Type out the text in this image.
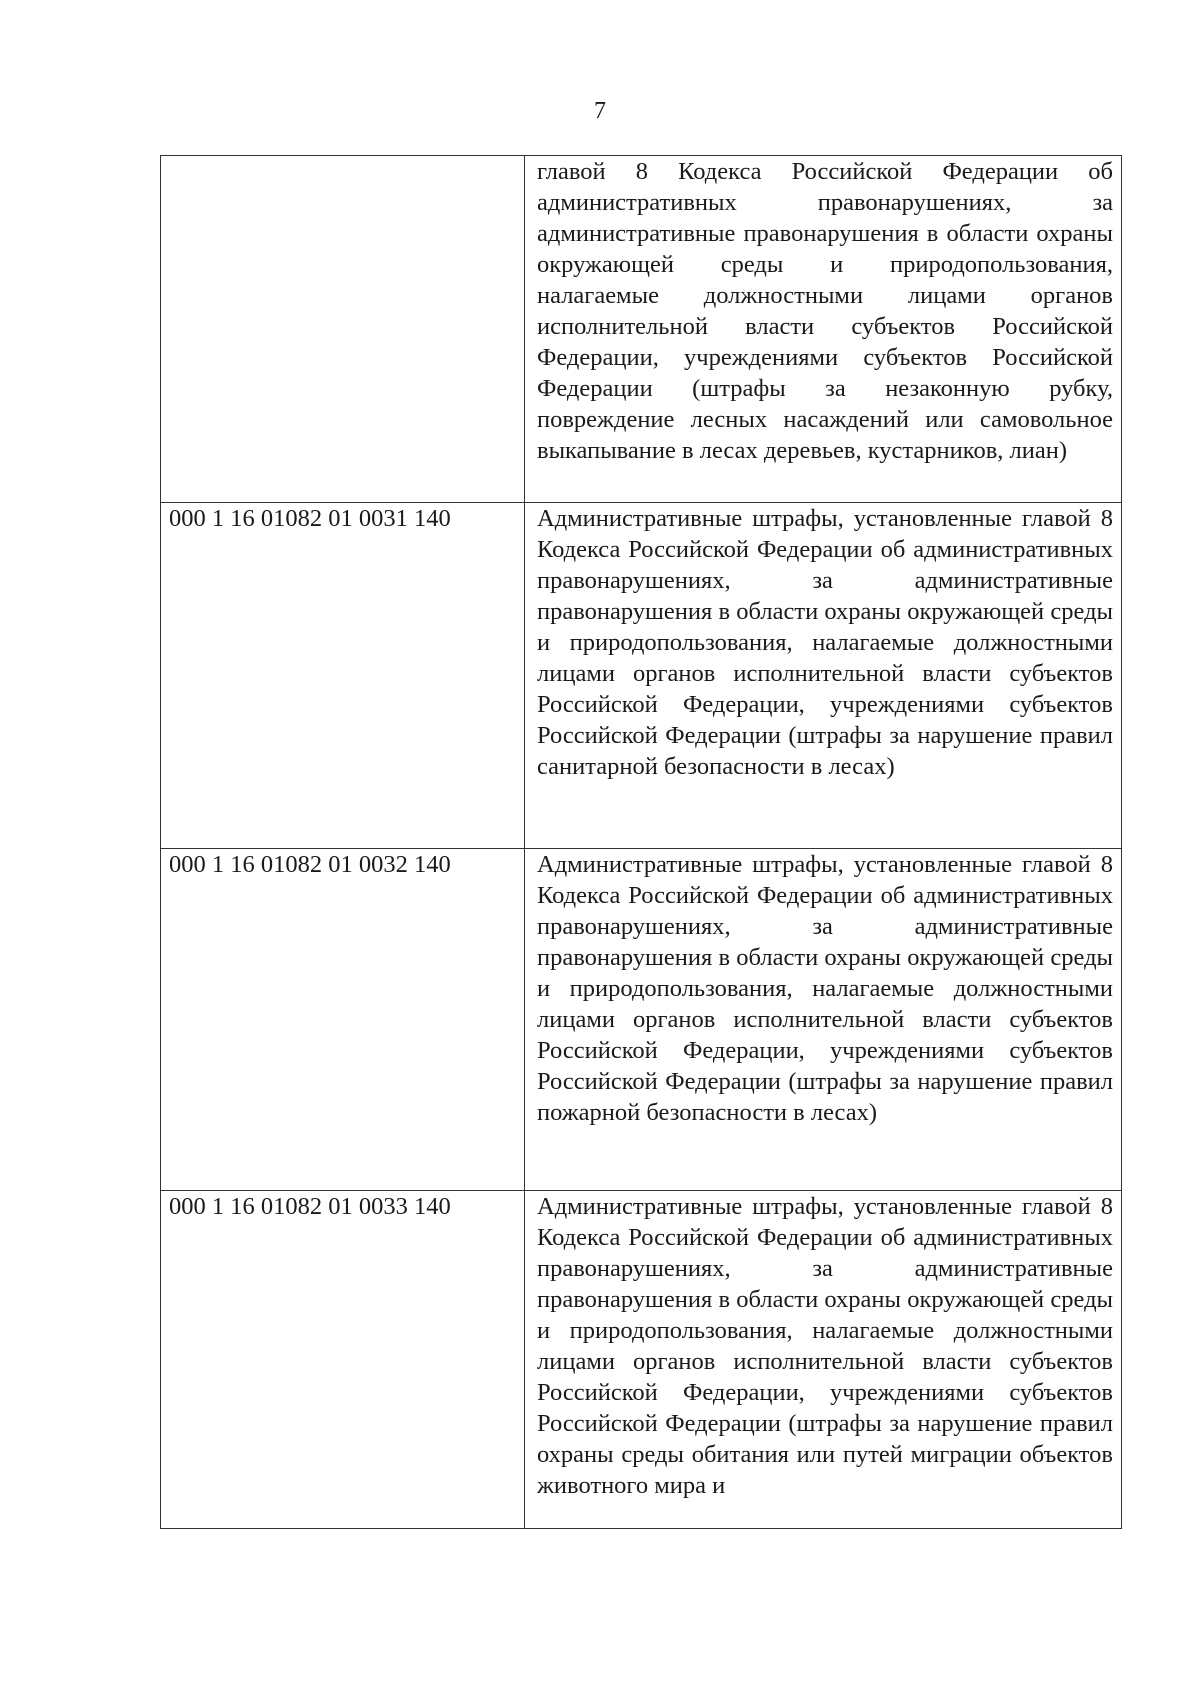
7

	главой 8 Кодекса Российской Федерации об административных правонарушениях, за административные правонарушения в области охраны окружающей среды и природопользования, налагаемые должностными лицами органов исполнительной власти субъектов Российской Федерации, учреждениями субъектов Российской Федерации (штрафы за незаконную рубку, повреждение лесных насаждений или самовольное выкапывание в лесах деревьев, кустарников, лиан)

000 1 16 01082 01 0031 140	Административные штрафы, установленные главой 8 Кодекса Российской Федерации об административных правонарушениях, за административные правонарушения в области охраны окружающей среды и природопользования, налагаемые должностными лицами органов исполнительной власти субъектов Российской Федерации, учреждениями субъектов Российской Федерации (штрафы за нарушение правил санитарной безопасности в лесах)

000 1 16 01082 01 0032 140	Административные штрафы, установленные главой 8 Кодекса Российской Федерации об административных правонарушениях, за административные правонарушения в области охраны окружающей среды и природопользования, налагаемые должностными лицами органов исполнительной власти субъектов Российской Федерации, учреждениями субъектов Российской Федерации (штрафы за нарушение правил пожарной безопасности в лесах)

000 1 16 01082 01 0033 140	Административные штрафы, установленные главой 8 Кодекса Российской Федерации об административных правонарушениях, за административные правонарушения в области охраны окружающей среды и природопользования, налагаемые должностными лицами органов исполнительной власти субъектов Российской Федерации, учреждениями субъектов Российской Федерации (штрафы за нарушение правил охраны среды обитания или путей миграции объектов животного мира и
